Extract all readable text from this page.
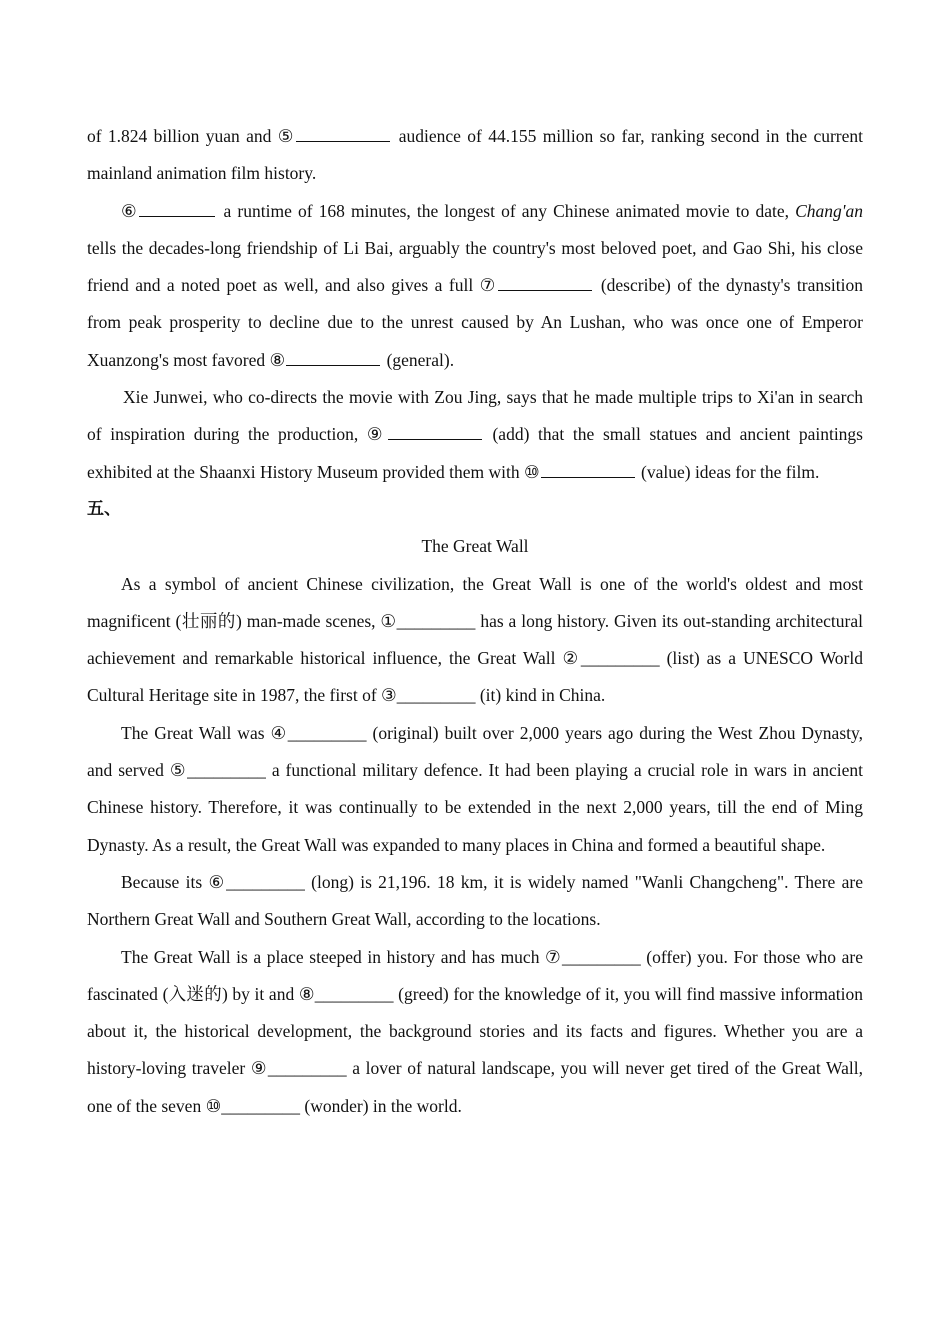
of 1.824 billion yuan and ⑤	audience of 44.155 million so far, ranking second in the current mainland animation film history.

⑥	a runtime of 168 minutes, the longest of any Chinese animated movie to date, Chang'an tells the decades-long friendship of Li Bai, arguably the country's most beloved poet, and Gao Shi, his close friend and a noted poet as well, and also gives a full ⑦	(describe) of the dynasty's transition from peak prosperity to decline due to the unrest caused by An Lushan, who was once one of Emperor Xuanzong's most favored ⑧	(general).

Xie Junwei, who co-directs the movie with Zou Jing, says that he made multiple trips to Xi'an in search of inspiration during the production, ⑨	(add) that the small statues and ancient paintings exhibited at the Shaanxi History Museum provided them with ⑩	(value) ideas for the film.

五、

The Great Wall

As a symbol of ancient Chinese civilization, the Great Wall is one of the world's oldest and most magnificent (壮丽的) man-made scenes, ①_________ has a long history. Given its out-standing architectural achievement and remarkable historical influence, the Great Wall ②_________ (list) as a UNESCO World Cultural Heritage site in 1987, the first of ③_________ (it) kind in China.

The Great Wall was ④_________ (original) built over 2,000 years ago during the West Zhou Dynasty, and served ⑤_________ a functional military defence. It had been playing a crucial role in wars in ancient Chinese history. Therefore, it was continually to be extended in the next 2,000 years, till the end of Ming Dynasty. As a result, the Great Wall was expanded to many places in China and formed a beautiful shape.

Because its ⑥_________ (long) is 21,196. 18 km, it is widely named "Wanli Changcheng". There are Northern Great Wall and Southern Great Wall, according to the locations.

The Great Wall is a place steeped in history and has much ⑦_________ (offer) you. For those who are fascinated (入迷的) by it and ⑧_________ (greed) for the knowledge of it, you will find massive information about it, the historical development, the background stories and its facts and figures. Whether you are a history-loving traveler ⑨_________ a lover of natural landscape, you will never get tired of the Great Wall, one of the seven ⑩_________ (wonder) in the world.
